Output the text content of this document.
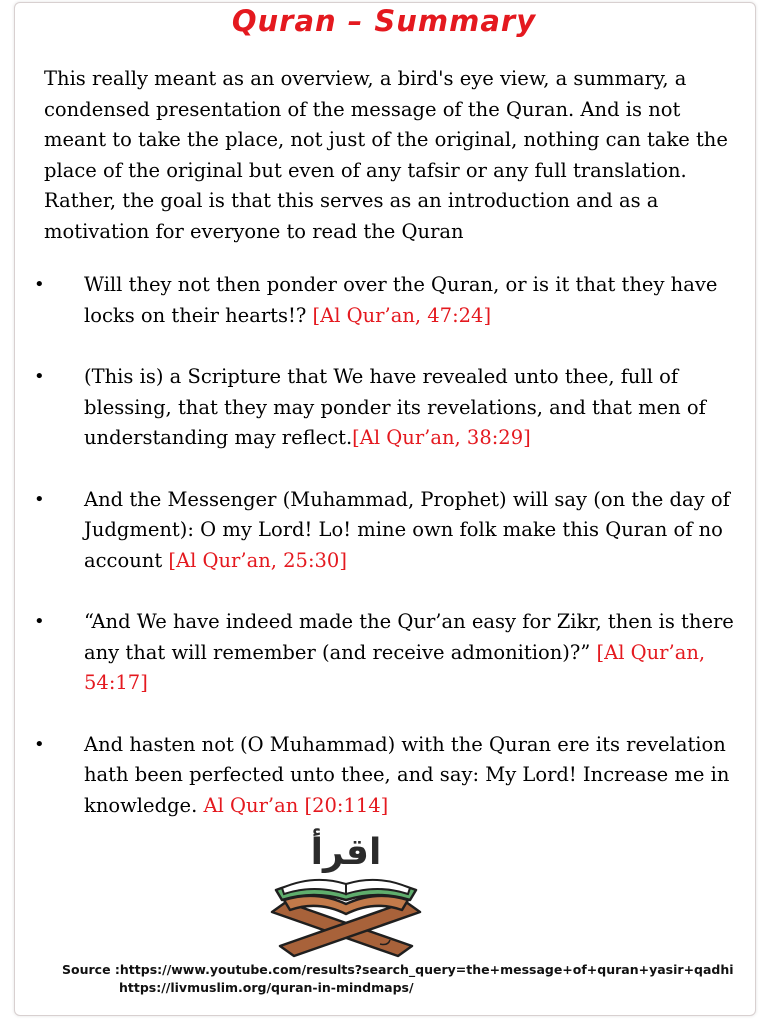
Quran – Summary
This really meant as an overview, a bird's eye view, a summary, a condensed presentation of the message of the Quran. And is not meant to take the place, not just of the original, nothing can take the place of the original but even of any tafsir or any full translation. Rather, the goal is that this serves as an introduction and as a motivation for everyone to read the Quran
• Will they not then ponder over the Quran, or is it that they have locks on their hearts!? [Al Qur’an, 47:24]
• (This is) a Scripture that We have revealed unto thee, full of blessing, that they may ponder its revelations, and that men of understanding may reflect.[Al Qur’an, 38:29]
• And the Messenger (Muhammad, Prophet) will say (on the day of Judgment): O my Lord! Lo! mine own folk make this Quran of no account [Al Qur’an, 25:30]
• “And We have indeed made the Qur’an easy for Zikr, then is there any that will remember (and receive admonition)?” [Al Qur’an, 54:17]
• And hasten not (O Muhammad) with the Quran ere its revelation hath been perfected unto thee, and say: My Lord! Increase me in knowledge. Al Qur’an [20:114]
اقرأ
Source :https://www.youtube.com/results?search_query=the+message+of+quran+yasir+qadhi
https://livmuslim.org/quran-in-mindmaps/
